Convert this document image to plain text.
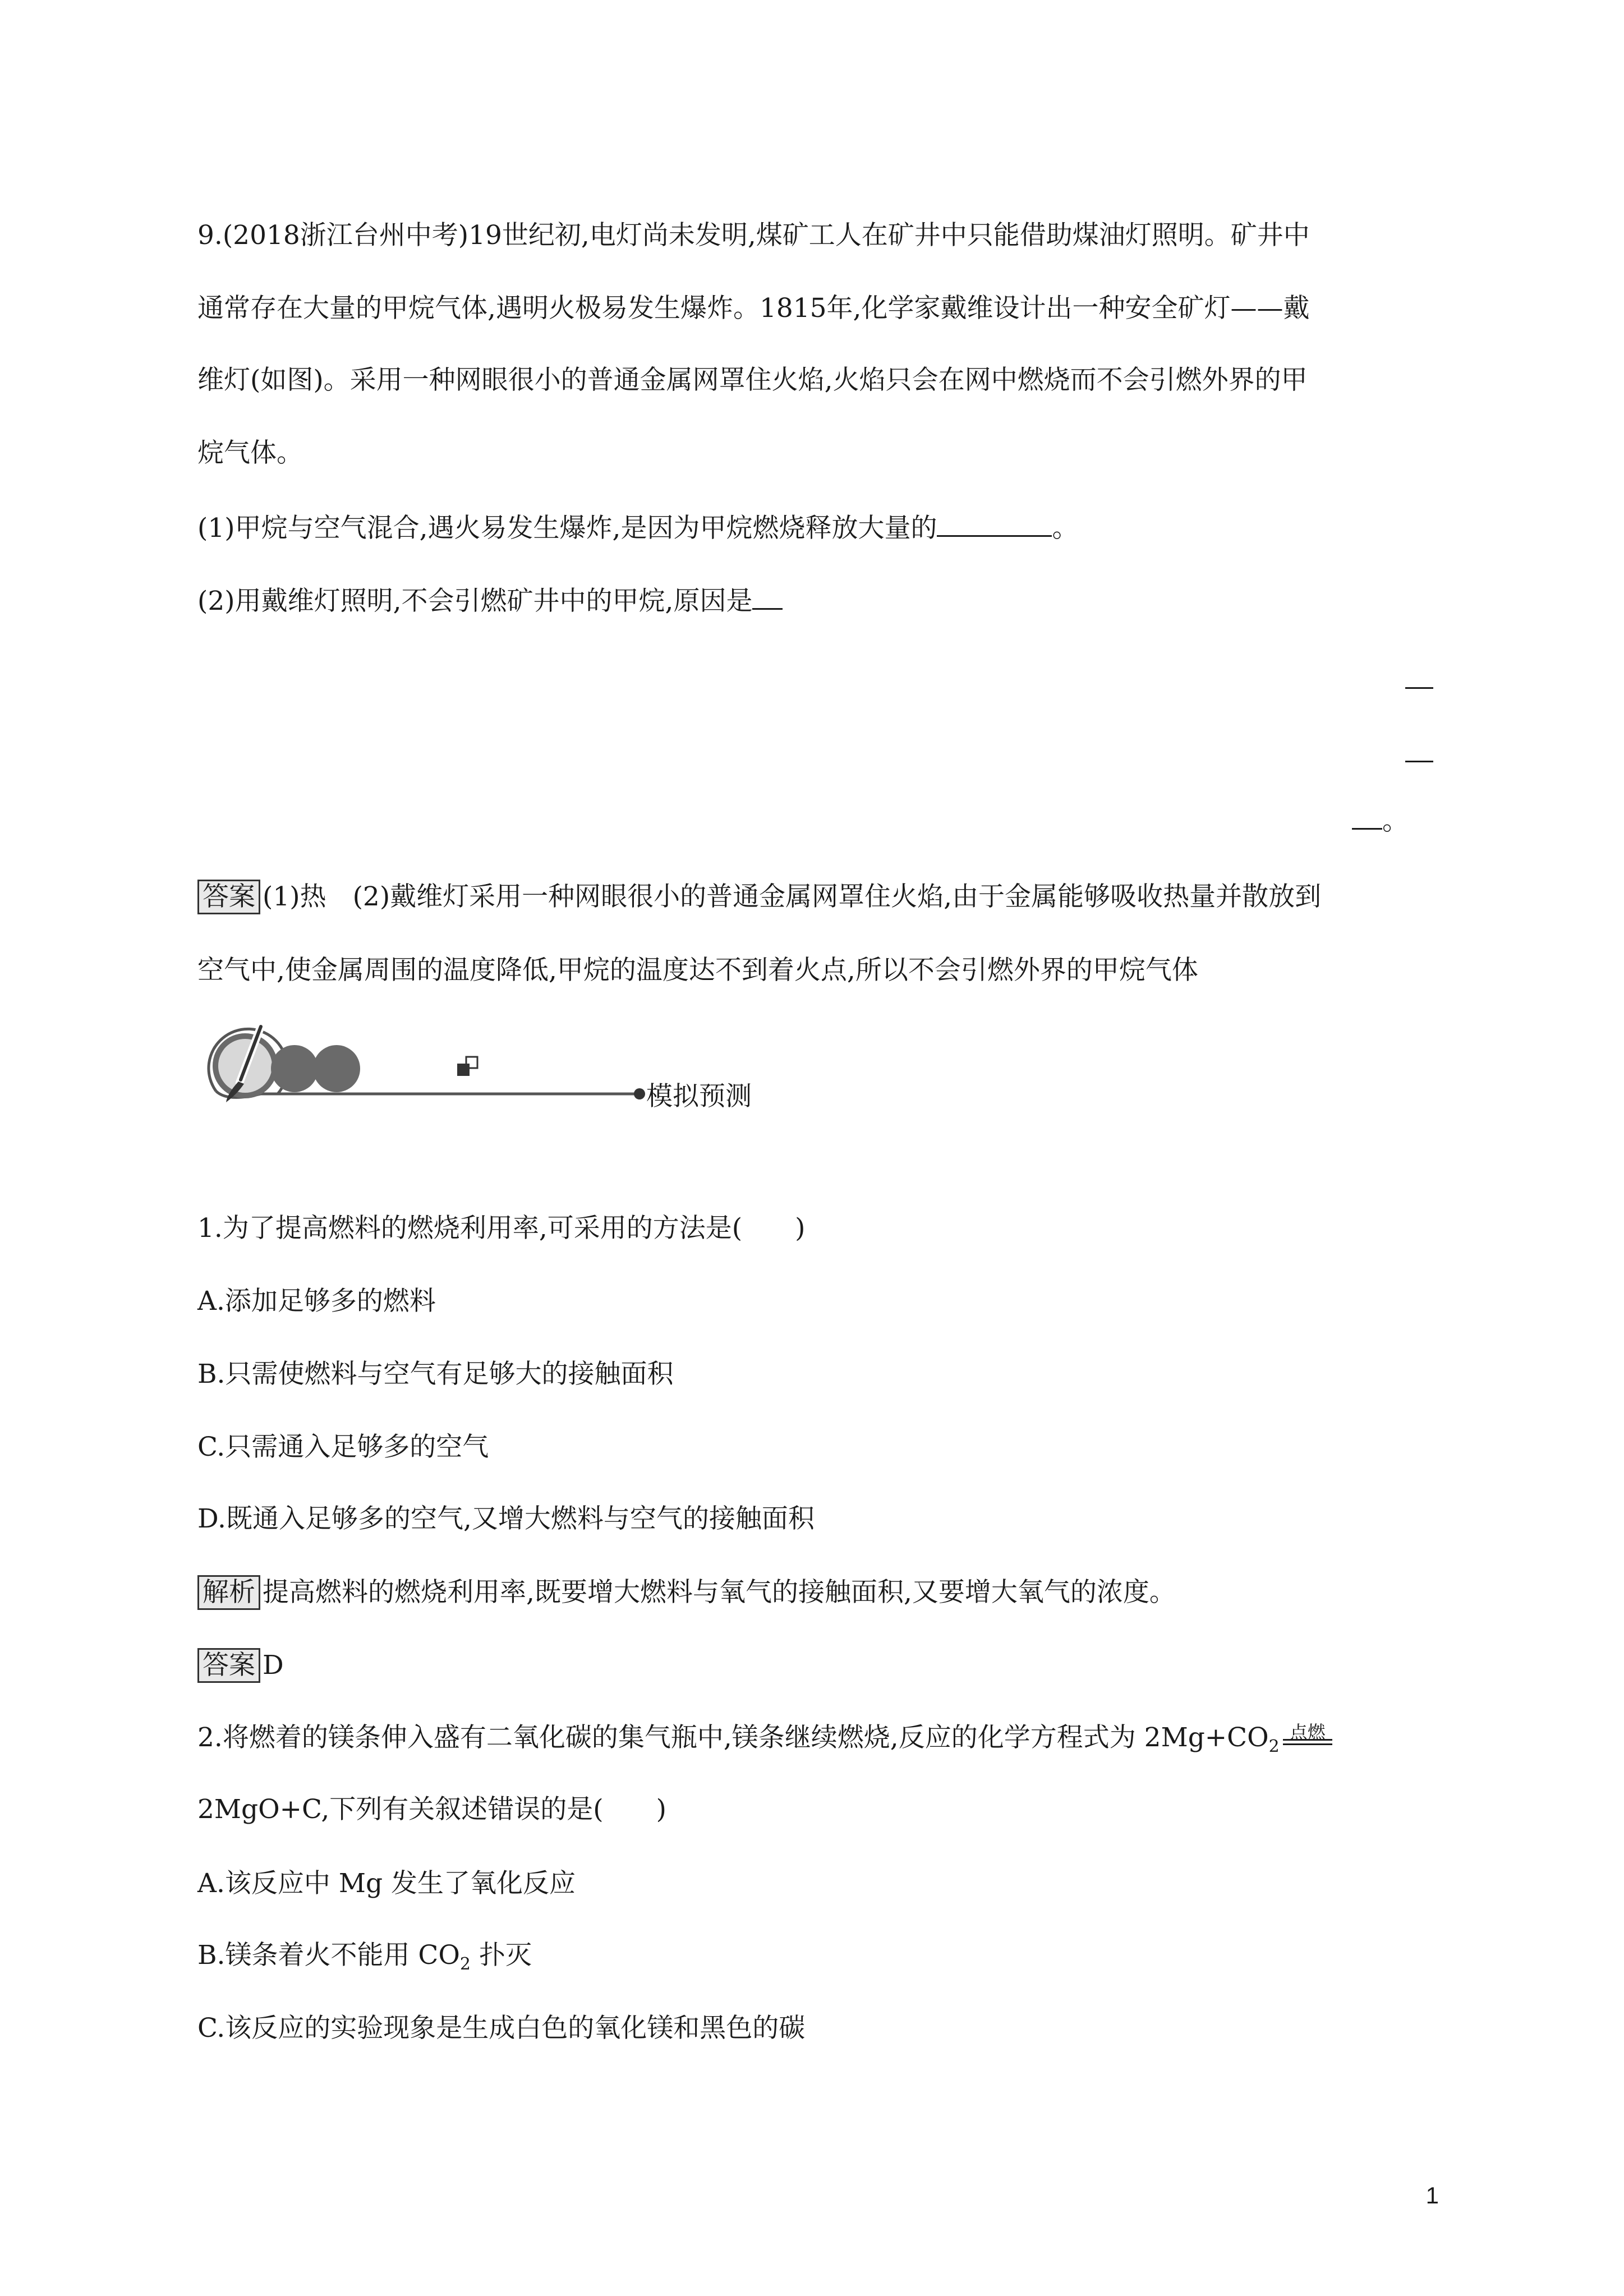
9.(2018浙江台州中考)19世纪初,电灯尚未发明,煤矿工人在矿井中只能借助煤油灯照明。矿井中
通常存在大量的甲烷气体,遇明火极易发生爆炸。1815年,化学家戴维设计出一种安全矿灯——戴
维灯(如图)。采用一种网眼很小的普通金属网罩住火焰,火焰只会在网中燃烧而不会引燃外界的甲
烷气体。
(1)甲烷与空气混合,遇火易发生爆炸,是因为甲烷燃烧释放大量的	。
(2)用戴维灯照明,不会引燃矿井中的甲烷,原因是
。
答案 (1)热　(2)戴维灯采用一种网眼很小的普通金属网罩住火焰,由于金属能够吸收热量并散放到
空气中,使金属周围的温度降低,甲烷的温度达不到着火点,所以不会引燃外界的甲烷气体
模拟预测
1.为了提高燃料的燃烧利用率,可采用的方法是(　　)
A.添加足够多的燃料
B.只需使燃料与空气有足够大的接触面积
C.只需通入足够多的空气
D.既通入足够多的空气,又增大燃料与空气的接触面积
解析 提高燃料的燃烧利用率,既要增大燃料与氧气的接触面积,又要增大氧气的浓度。
答案 D
2.将燃着的镁条伸入盛有二氧化碳的集气瓶中,镁条继续燃烧,反应的化学方程式为 $2Mg+CO_2$
点燃
2MgO+C,下列有关叙述错误的是(　　)
A.该反应中 Mg 发生了氧化反应
B.镁条着火不能用 $CO_2$ 扑灭
C.该反应的实验现象是生成白色的氧化镁和黑色的碳
1
